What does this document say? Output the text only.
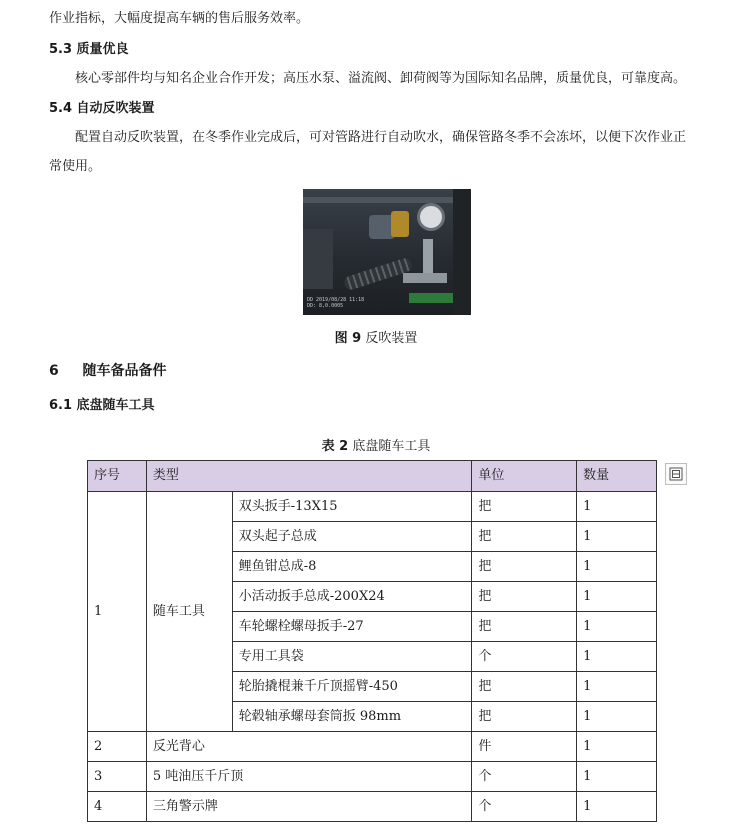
作业指标，大幅度提高车辆的售后服务效率。
5.3 质量优良
核心零部件均与知名企业合作开发；高压水泵、溢流阀、卸荷阀等为国际知名品牌，质量优良，可靠度高。
5.4 自动反吹装置
配置自动反吹装置，在冬季作业完成后，可对管路进行自动吹水，确保管路冬季不会冻坏，以便下次作业正
常使用。
DD 2019/08/28 11:18
DD: 8,0.0005
图 9 反吹装置
6 随车备品备件
6.1 底盘随车工具
表 2 底盘随车工具
序号	类型		单位	数量
1	随车工具	双头扳手-13X15	把	1
		双头起子总成	把	1
		鲤鱼钳总成-8	把	1
		小活动扳手总成-200X24	把	1
		车轮螺栓螺母扳手-27	把	1
		专用工具袋	个	1
		轮胎撬棍兼千斤顶摇臂-450	把	1
		轮毂轴承螺母套筒扳 98mm	把	1
2	反光背心		件	1
3	5 吨油压千斤顶		个	1
4	三角警示牌		个	1
